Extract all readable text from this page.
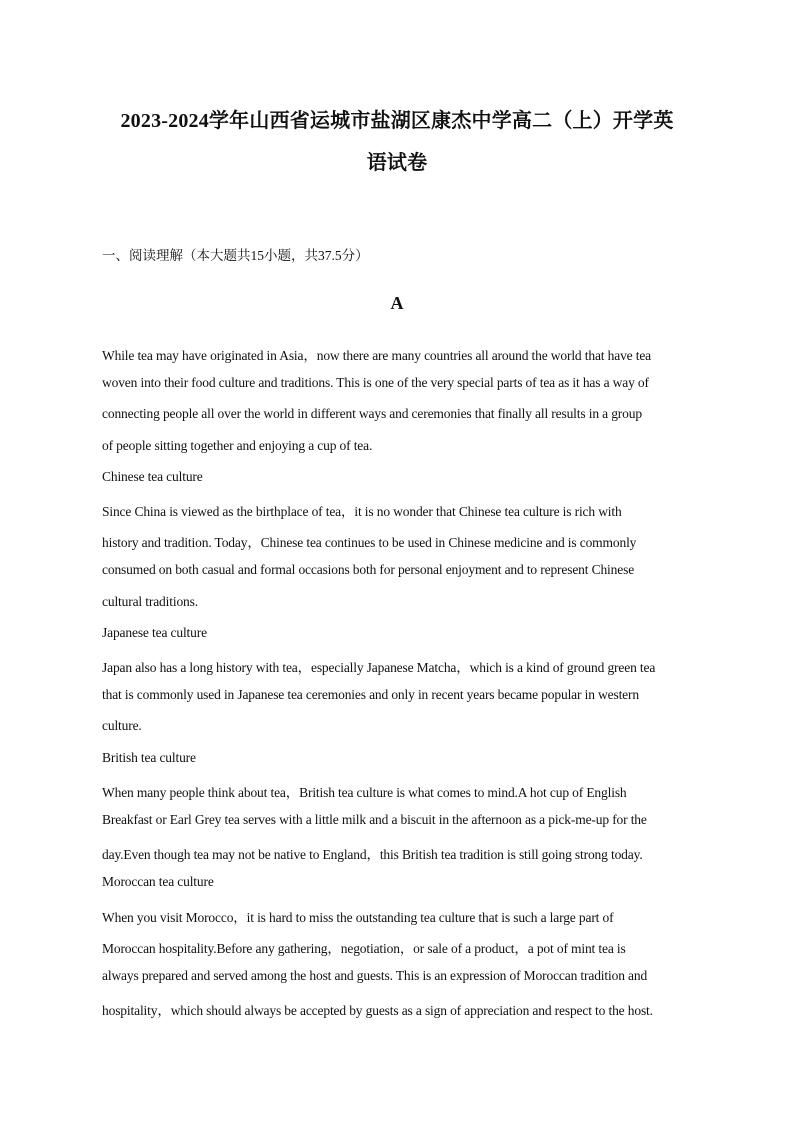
2023-2024学年山西省运城市盐湖区康杰中学高二（上）开学英
语试卷
一、阅读理解（本大题共15小题，共37.5分）
A
While tea may have originated in Asia，now there are many countries all around the world that have tea
woven into their food culture and traditions. This is one of the very special parts of tea as it has a way of
connecting people all over the world in different ways and ceremonies that finally all results in a group
of people sitting together and enjoying a cup of tea.
Chinese tea culture
Since China is viewed as the birthplace of tea，it is no wonder that Chinese tea culture is rich with
history and tradition. Today，Chinese tea continues to be used in Chinese medicine and is commonly
consumed on both casual and formal occasions both for personal enjoyment and to represent Chinese
cultural traditions.
Japanese tea culture
Japan also has a long history with tea，especially Japanese Matcha，which is a kind of ground green tea
that is commonly used in Japanese tea ceremonies and only in recent years became popular in western
culture.
British tea culture
When many people think about tea，British tea culture is what comes to mind.A hot cup of English
Breakfast or Earl Grey tea serves with a little milk and a biscuit in the afternoon as a pick-me-up for the
day.Even though tea may not be native to England，this British tea tradition is still going strong today.
Moroccan tea culture
When you visit Morocco，it is hard to miss the outstanding tea culture that is such a large part of
Moroccan hospitality.Before any gathering，negotiation，or sale of a product，a pot of mint tea is
always prepared and served among the host and guests. This is an expression of Moroccan tradition and
hospitality，which should always be accepted by guests as a sign of appreciation and respect to the host.
